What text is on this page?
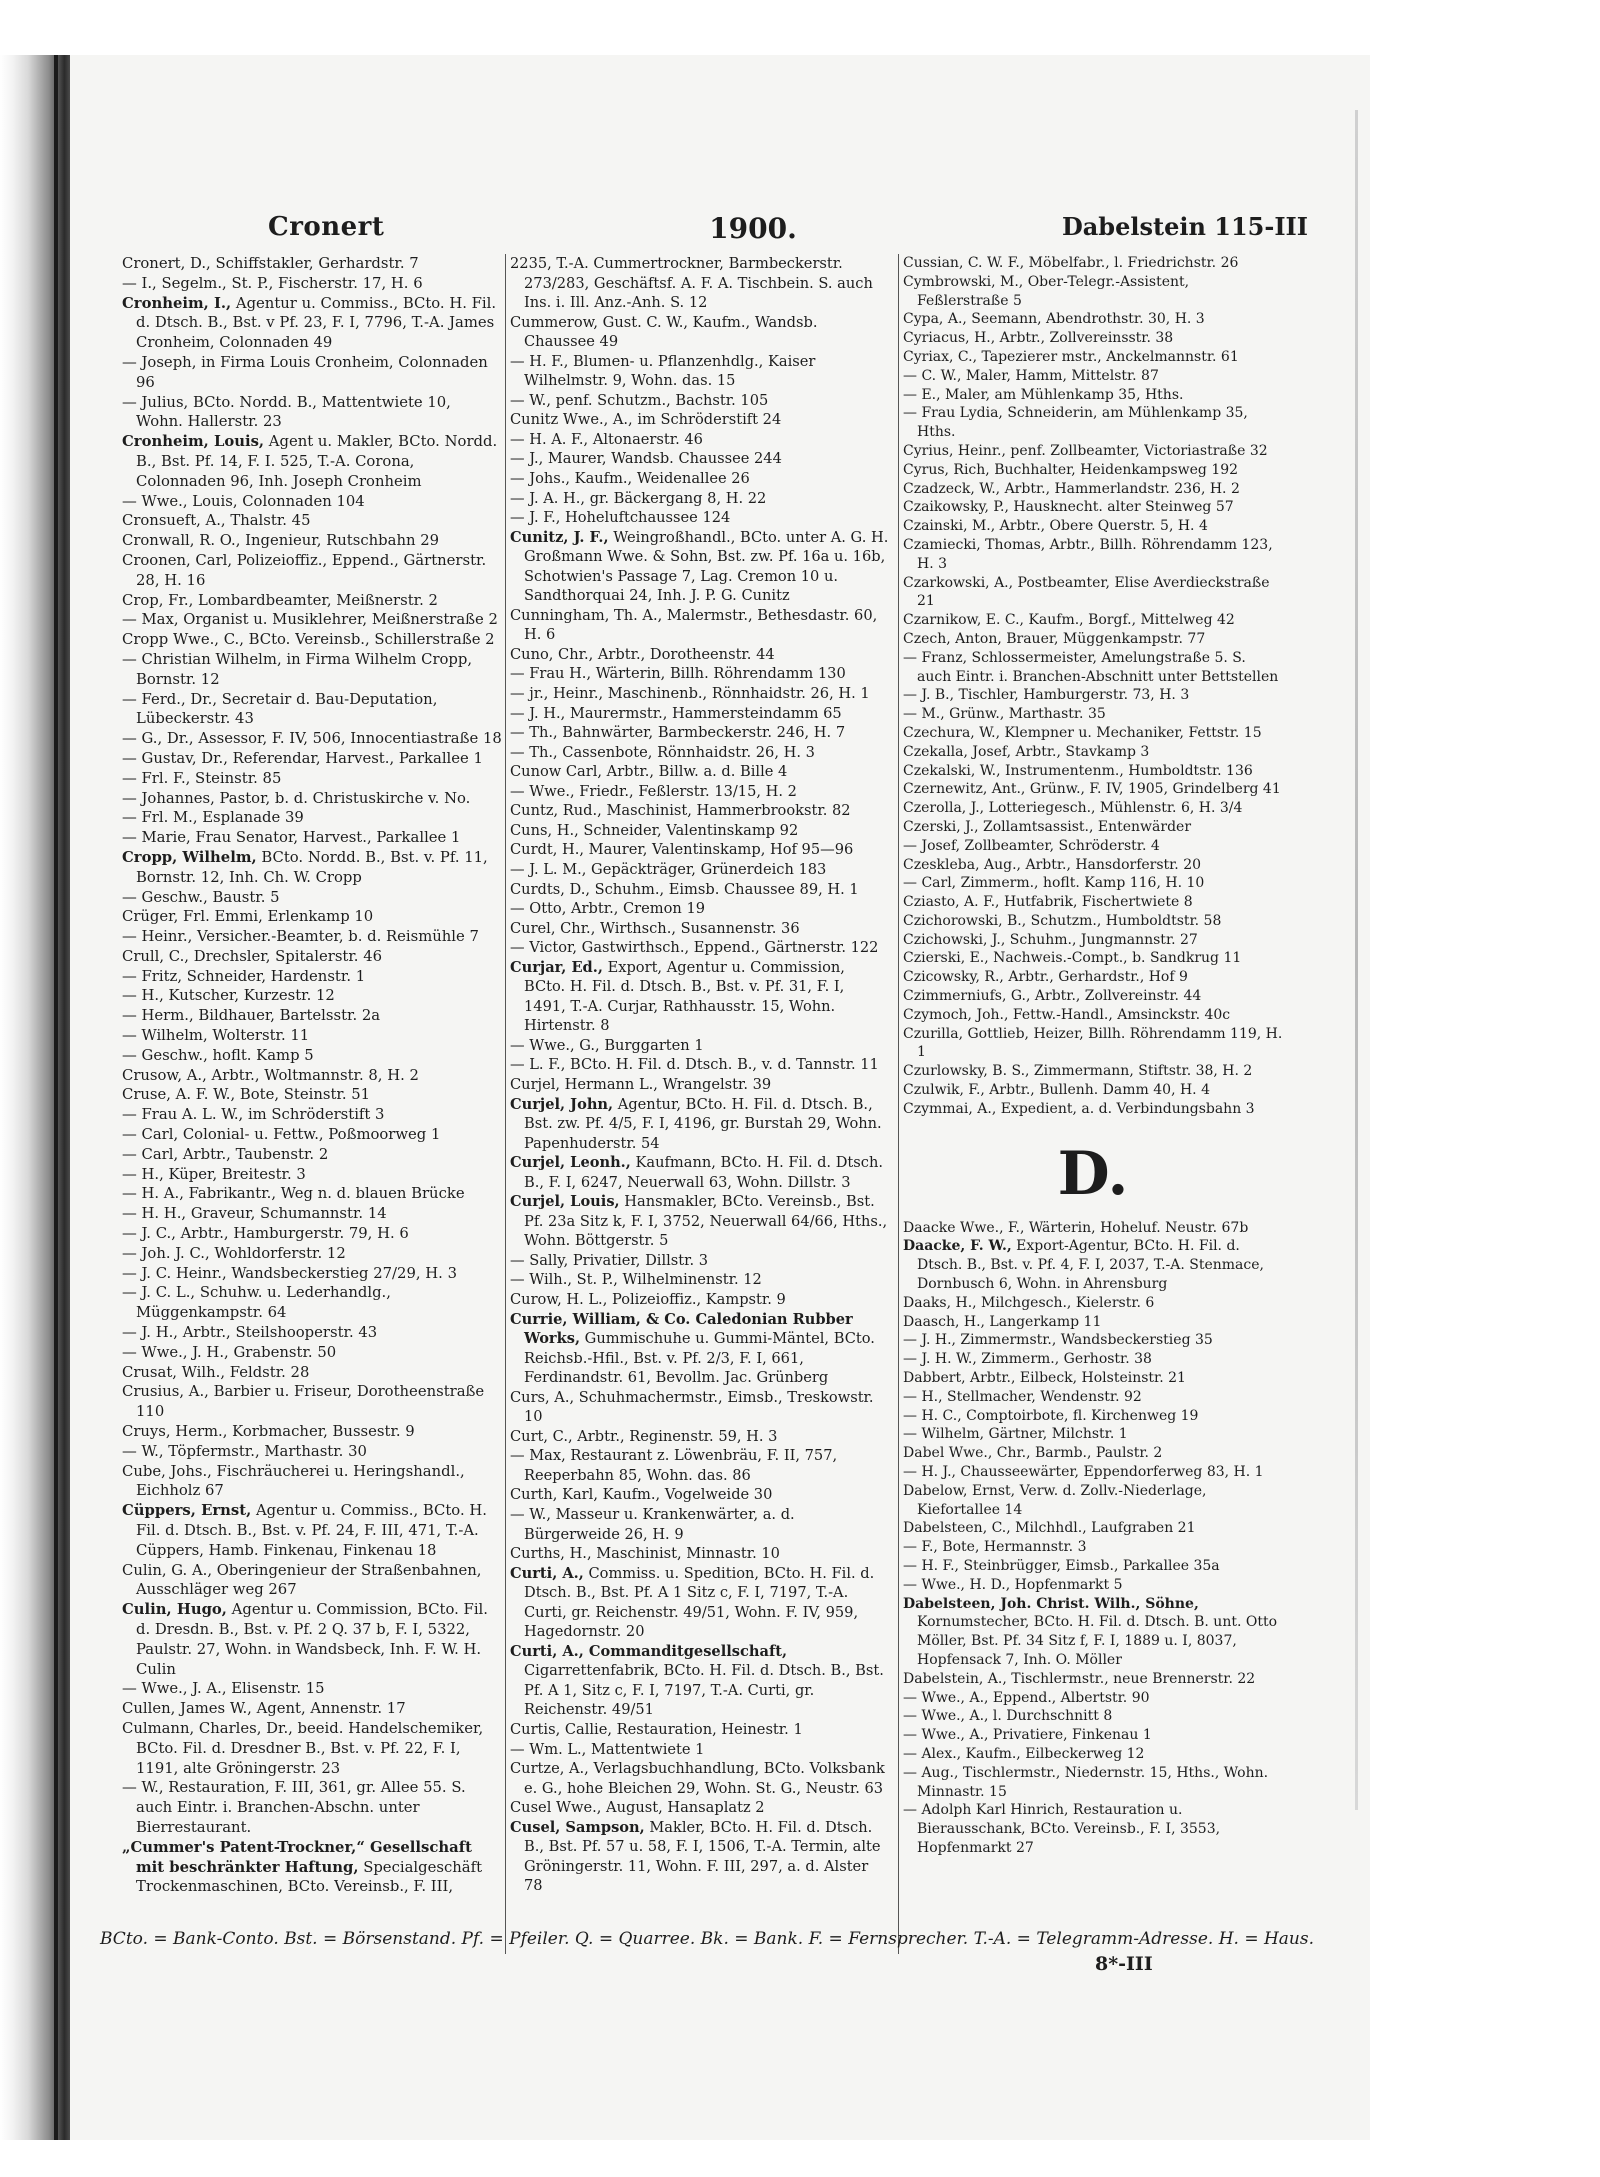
Cronert	1900.	Dabelstein 115-III

Cronert, D., Schiffstakler, Gerhardstr. 7

— I., Segelm., St. P., Fischerstr. 17, H. 6

Cronheim, I., Agentur u. Commiss., BCto. H. Fil. d. Dtsch. B., Bst. v Pf. 23, F. I, 7796, T.-A. James Cronheim, Colonnaden 49

— Joseph, in Firma Louis Cronheim, Colonnaden 96

— Julius, BCto. Nordd. B., Mattentwiete 10, Wohn. Hallerstr. 23

Cronheim, Louis, Agent u. Makler, BCto. Nordd. B., Bst. Pf. 14, F. I. 525, T.-A. Corona, Colonnaden 96, Inh. Joseph Cronheim

— Wwe., Louis, Colonnaden 104

Cronsueft, A., Thalstr. 45

Cronwall, R. O., Ingenieur, Rutschbahn 29

Croonen, Carl, Polizeioffiz., Eppend., Gärtnerstr. 28, H. 16

Crop, Fr., Lombardbeamter, Meißnerstr. 2

— Max, Organist u. Musiklehrer, Meißnerstraße 2

Cropp Wwe., C., BCto. Vereinsb., Schillerstraße 2

— Christian Wilhelm, in Firma Wilhelm Cropp, Bornstr. 12

— Ferd., Dr., Secretair d. Bau-Deputation, Lübeckerstr. 43

— G., Dr., Assessor, F. IV, 506, Innocentiastraße 18

— Gustav, Dr., Referendar, Harvest., Parkallee 1

— Frl. F., Steinstr. 85

— Johannes, Pastor, b. d. Christuskirche v. No.

— Frl. M., Esplanade 39

— Marie, Frau Senator, Harvest., Parkallee 1

Cropp, Wilhelm, BCto. Nordd. B., Bst. v. Pf. 11, Bornstr. 12, Inh. Ch. W. Cropp

— Geschw., Baustr. 5

Crüger, Frl. Emmi, Erlenkamp 10

— Heinr., Versicher.-Beamter, b. d. Reismühle 7

Crull, C., Drechsler, Spitalerstr. 46

— Fritz, Schneider, Hardenstr. 1

— H., Kutscher, Kurzestr. 12

— Herm., Bildhauer, Bartelsstr. 2a

— Wilhelm, Wolterstr. 11

— Geschw., hoflt. Kamp 5

Crusow, A., Arbtr., Woltmannstr. 8, H. 2

Cruse, A. F. W., Bote, Steinstr. 51

— Frau A. L. W., im Schröderstift 3

— Carl, Colonial- u. Fettw., Poßmoorweg 1

— Carl, Arbtr., Taubenstr. 2

— H., Küper, Breitestr. 3

— H. A., Fabrikantr., Weg n. d. blauen Brücke

— H. H., Graveur, Schumannstr. 14

— J. C., Arbtr., Hamburgerstr. 79, H. 6

— Joh. J. C., Wohldorferstr. 12

— J. C. Heinr., Wandsbeckerstieg 27/29, H. 3

— J. C. L., Schuhw. u. Lederhandlg., Müggenkampstr. 64

— J. H., Arbtr., Steilshooperstr. 43

— Wwe., J. H., Grabenstr. 50

Crusat, Wilh., Feldstr. 28

Crusius, A., Barbier u. Friseur, Dorotheenstraße 110

Cruys, Herm., Korbmacher, Bussestr. 9

— W., Töpfermstr., Marthastr. 30

Cube, Johs., Fischräucherei u. Heringshandl., Eichholz 67

Cüppers, Ernst, Agentur u. Commiss., BCto. H. Fil. d. Dtsch. B., Bst. v. Pf. 24, F. III, 471, T.-A. Cüppers, Hamb. Finkenau, Finkenau 18

Culin, G. A., Oberingenieur der Straßenbahnen, Ausschläger weg 267

Culin, Hugo, Agentur u. Commission, BCto. Fil. d. Dresdn. B., Bst. v. Pf. 2 Q. 37 b, F. I, 5322, Paulstr. 27, Wohn. in Wandsbeck, Inh. F. W. H. Culin

— Wwe., J. A., Elisenstr. 15

Cullen, James W., Agent, Annenstr. 17

Culmann, Charles, Dr., beeid. Handelschemiker, BCto. Fil. d. Dresdner B., Bst. v. Pf. 22, F. I, 1191, alte Gröningerstr. 23

— W., Restauration, F. III, 361, gr. Allee 55. S. auch Eintr. i. Branchen-Abschn. unter Bierrestaurant.

„Cummer's Patent-Trockner,“ Gesellschaft mit beschränkter Haftung, Specialgeschäft Trockenmaschinen, BCto. Vereinsb., F. III,

2235, T.-A. Cummertrockner, Barmbeckerstr. 273/283, Geschäftsf. A. F. A. Tischbein. S. auch Ins. i. Ill. Anz.-Anh. S. 12

Cummerow, Gust. C. W., Kaufm., Wandsb. Chaussee 49

— H. F., Blumen- u. Pflanzenhdlg., Kaiser Wilhelmstr. 9, Wohn. das. 15

— W., penf. Schutzm., Bachstr. 105

Cunitz Wwe., A., im Schröderstift 24

— H. A. F., Altonaerstr. 46

— J., Maurer, Wandsb. Chaussee 244

— Johs., Kaufm., Weidenallee 26

— J. A. H., gr. Bäckergang 8, H. 22

— J. F., Hoheluftchaussee 124

Cunitz, J. F., Weingroßhandl., BCto. unter A. G. H. Großmann Wwe. & Sohn, Bst. zw. Pf. 16a u. 16b, Schotwien's Passage 7, Lag. Cremon 10 u. Sandthorquai 24, Inh. J. P. G. Cunitz

Cunningham, Th. A., Malermstr., Bethesdastr. 60, H. 6

Cuno, Chr., Arbtr., Dorotheenstr. 44

— Frau H., Wärterin, Billh. Röhrendamm 130

— jr., Heinr., Maschinenb., Rönnhaidstr. 26, H. 1

— J. H., Maurermstr., Hammersteindamm 65

— Th., Bahnwärter, Barmbeckerstr. 246, H. 7

— Th., Cassenbote, Rönnhaidstr. 26, H. 3

Cunow Carl, Arbtr., Billw. a. d. Bille 4

— Wwe., Friedr., Feßlerstr. 13/15, H. 2

Cuntz, Rud., Maschinist, Hammerbrookstr. 82

Cuns, H., Schneider, Valentinskamp 92

Curdt, H., Maurer, Valentinskamp, Hof 95—96

— J. L. M., Gepäckträger, Grünerdeich 183

Curdts, D., Schuhm., Eimsb. Chaussee 89, H. 1

— Otto, Arbtr., Cremon 19

Curel, Chr., Wirthsch., Susannenstr. 36

— Victor, Gastwirthsch., Eppend., Gärtnerstr. 122

Curjar, Ed., Export, Agentur u. Commission, BCto. H. Fil. d. Dtsch. B., Bst. v. Pf. 31, F. I, 1491, T.-A. Curjar, Rathhausstr. 15, Wohn. Hirtenstr. 8

— Wwe., G., Burggarten 1

— L. F., BCto. H. Fil. d. Dtsch. B., v. d. Tannstr. 11

Curjel, Hermann L., Wrangelstr. 39

Curjel, John, Agentur, BCto. H. Fil. d. Dtsch. B., Bst. zw. Pf. 4/5, F. I, 4196, gr. Burstah 29, Wohn. Papenhuderstr. 54

Curjel, Leonh., Kaufmann, BCto. H. Fil. d. Dtsch. B., F. I, 6247, Neuerwall 63, Wohn. Dillstr. 3

Curjel, Louis, Hansmakler, BCto. Vereinsb., Bst. Pf. 23a Sitz k, F. I, 3752, Neuerwall 64/66, Hths., Wohn. Böttgerstr. 5

— Sally, Privatier, Dillstr. 3

— Wilh., St. P., Wilhelminenstr. 12

Curow, H. L., Polizeioffiz., Kampstr. 9

Currie, William, & Co. Caledonian Rubber Works, Gummischuhe u. Gummi-Mäntel, BCto. Reichsb.-Hfil., Bst. v. Pf. 2/3, F. I, 661, Ferdinandstr. 61, Bevollm. Jac. Grünberg

Curs, A., Schuhmachermstr., Eimsb., Treskowstr. 10

Curt, C., Arbtr., Reginenstr. 59, H. 3

— Max, Restaurant z. Löwenbräu, F. II, 757, Reeperbahn 85, Wohn. das. 86

Curth, Karl, Kaufm., Vogelweide 30

— W., Masseur u. Krankenwärter, a. d. Bürgerweide 26, H. 9

Curths, H., Maschinist, Minnastr. 10

Curti, A., Commiss. u. Spedition, BCto. H. Fil. d. Dtsch. B., Bst. Pf. A 1 Sitz c, F. I, 7197, T.-A. Curti, gr. Reichenstr. 49/51, Wohn. F. IV, 959, Hagedornstr. 20

Curti, A., Commanditgesellschaft, Cigarrettenfabrik, BCto. H. Fil. d. Dtsch. B., Bst. Pf. A 1, Sitz c, F. I, 7197, T.-A. Curti, gr. Reichenstr. 49/51

Curtis, Callie, Restauration, Heinestr. 1

— Wm. L., Mattentwiete 1

Curtze, A., Verlagsbuchhandlung, BCto. Volksbank e. G., hohe Bleichen 29, Wohn. St. G., Neustr. 63

Cusel Wwe., August, Hansaplatz 2

Cusel, Sampson, Makler, BCto. H. Fil. d. Dtsch. B., Bst. Pf. 57 u. 58, F. I, 1506, T.-A. Termin, alte Gröningerstr. 11, Wohn. F. III, 297, a. d. Alster 78

Cussian, C. W. F., Möbelfabr., l. Friedrichstr. 26

Cymbrowski, M., Ober-Telegr.-Assistent, Feßlerstraße 5

Cypa, A., Seemann, Abendrothstr. 30, H. 3

Cyriacus, H., Arbtr., Zollvereinsstr. 38

Cyriax, C., Tapezierer mstr., Anckelmannstr. 61

— C. W., Maler, Hamm, Mittelstr. 87

— E., Maler, am Mühlenkamp 35, Hths.

— Frau Lydia, Schneiderin, am Mühlenkamp 35, Hths.

Cyrius, Heinr., penf. Zollbeamter, Victoriastraße 32

Cyrus, Rich, Buchhalter, Heidenkampsweg 192

Czadzeck, W., Arbtr., Hammerlandstr. 236, H. 2

Czaikowsky, P., Hausknecht. alter Steinweg 57

Czainski, M., Arbtr., Obere Querstr. 5, H. 4

Czamiecki, Thomas, Arbtr., Billh. Röhrendamm 123, H. 3

Czarkowski, A., Postbeamter, Elise Averdieckstraße 21

Czarnikow, E. C., Kaufm., Borgf., Mittelweg 42

Czech, Anton, Brauer, Müggenkampstr. 77

— Franz, Schlossermeister, Amelungstraße 5. S. auch Eintr. i. Branchen-Abschnitt unter Bettstellen

— J. B., Tischler, Hamburgerstr. 73, H. 3

— M., Grünw., Marthastr. 35

Czechura, W., Klempner u. Mechaniker, Fettstr. 15

Czekalla, Josef, Arbtr., Stavkamp 3

Czekalski, W., Instrumentenm., Humboldtstr. 136

Czernewitz, Ant., Grünw., F. IV, 1905, Grindelberg 41

Czerolla, J., Lotteriegesch., Mühlenstr. 6, H. 3/4

Czerski, J., Zollamtsassist., Entenwärder

— Josef, Zollbeamter, Schröderstr. 4

Czeskleba, Aug., Arbtr., Hansdorferstr. 20

— Carl, Zimmerm., hoflt. Kamp 116, H. 10

Cziasto, A. F., Hutfabrik, Fischertwiete 8

Czichorowski, B., Schutzm., Humboldtstr. 58

Czichowski, J., Schuhm., Jungmannstr. 27

Czierski, E., Nachweis.-Compt., b. Sandkrug 11

Czicowsky, R., Arbtr., Gerhardstr., Hof 9

Czimmerniufs, G., Arbtr., Zollvereinstr. 44

Czymoch, Joh., Fettw.-Handl., Amsinckstr. 40c

Czurilla, Gottlieb, Heizer, Billh. Röhrendamm 119, H. 1

Czurlowsky, B. S., Zimmermann, Stiftstr. 38, H. 2

Czulwik, F., Arbtr., Bullenh. Damm 40, H. 4

Czymmai, A., Expedient, a. d. Verbindungsbahn 3

D.

Daacke Wwe., F., Wärterin, Hoheluf. Neustr. 67b

Daacke, F. W., Export-Agentur, BCto. H. Fil. d. Dtsch. B., Bst. v. Pf. 4, F. I, 2037, T.-A. Stenmace, Dornbusch 6, Wohn. in Ahrensburg

Daaks, H., Milchgesch., Kielerstr. 6

Daasch, H., Langerkamp 11

— J. H., Zimmermstr., Wandsbeckerstieg 35

— J. H. W., Zimmerm., Gerhostr. 38

Dabbert, Arbtr., Eilbeck, Holsteinstr. 21

— H., Stellmacher, Wendenstr. 92

— H. C., Comptoirbote, fl. Kirchenweg 19

— Wilhelm, Gärtner, Milchstr. 1

Dabel Wwe., Chr., Barmb., Paulstr. 2

— H. J., Chausseewärter, Eppendorferweg 83, H. 1

Dabelow, Ernst, Verw. d. Zollv.-Niederlage, Kiefortallee 14

Dabelsteen, C., Milchhdl., Laufgraben 21

— F., Bote, Hermannstr. 3

— H. F., Steinbrügger, Eimsb., Parkallee 35a

— Wwe., H. D., Hopfenmarkt 5

Dabelsteen, Joh. Christ. Wilh., Söhne, Kornumstecher, BCto. H. Fil. d. Dtsch. B. unt. Otto Möller, Bst. Pf. 34 Sitz f, F. I, 1889 u. I, 8037, Hopfensack 7, Inh. O. Möller

Dabelstein, A., Tischlermstr., neue Brennerstr. 22

— Wwe., A., Eppend., Albertstr. 90

— Wwe., A., l. Durchschnitt 8

— Wwe., A., Privatiere, Finkenau 1

— Alex., Kaufm., Eilbeckerweg 12

— Aug., Tischlermstr., Niedernstr. 15, Hths., Wohn. Minnastr. 15

— Adolph Karl Hinrich, Restauration u. Bierausschank, BCto. Vereinsb., F. I, 3553, Hopfenmarkt 27

BCto. = Bank-Conto. Bst. = Börsenstand. Pf. = Pfeiler. Q. = Quarree. Bk. = Bank. F. = Fernsprecher. T.-A. = Telegramm-Adresse. H. = Haus.
8*-III
